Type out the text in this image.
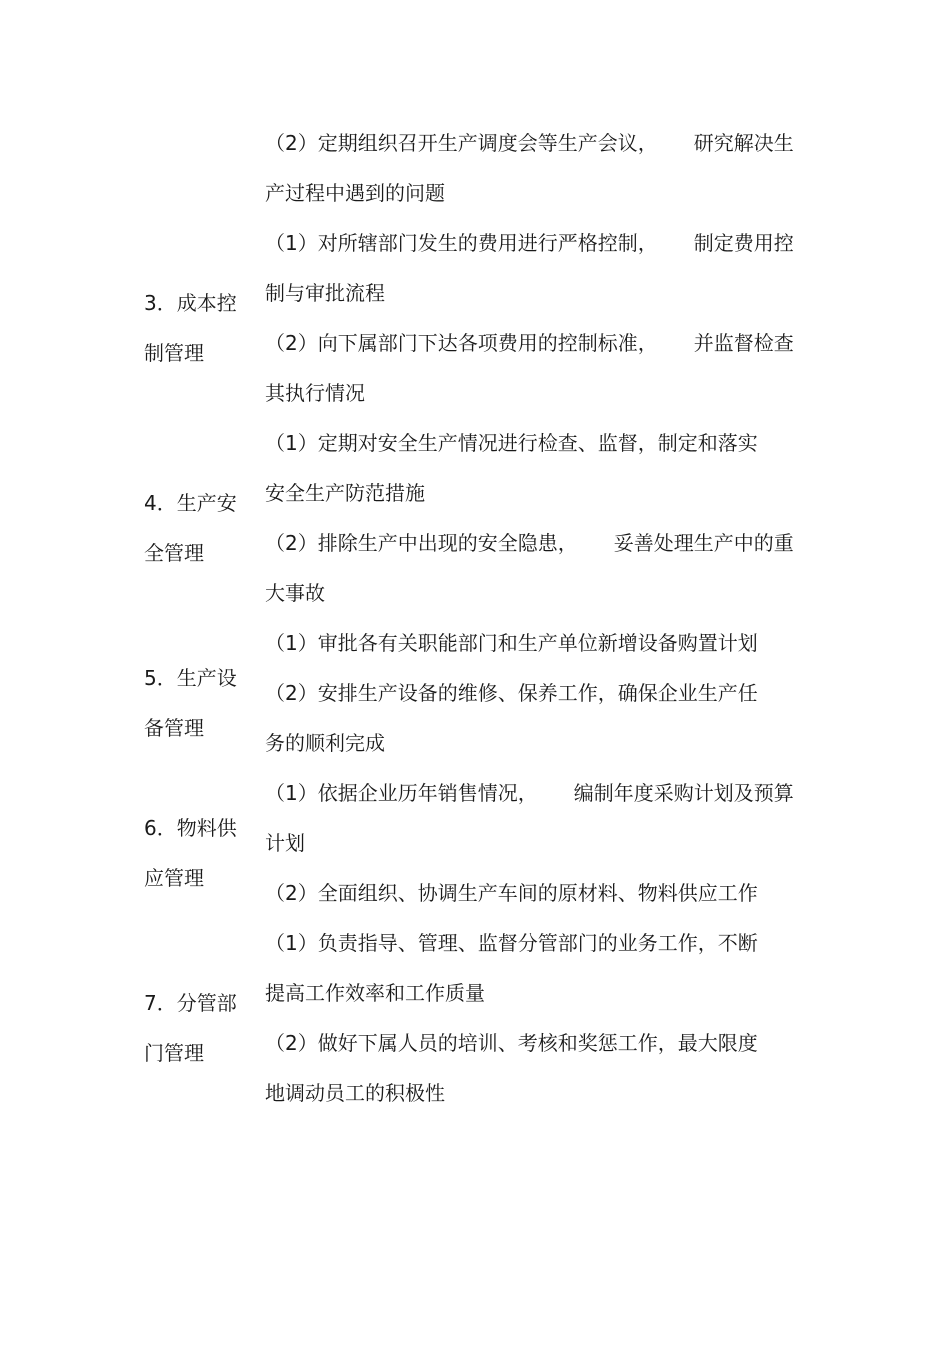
（2）定期组织召开生产调度会等生产会议， 研究解决生
产过程中遇到的问题
（1）对所辖部门发生的费用进行严格控制， 制定费用控
制与审批流程
（2）向下属部门下达各项费用的控制标准， 并监督检查
其执行情况
3．成本控
制管理
（1）定期对安全生产情况进行检查、监督，制定和落实
安全生产防范措施
（2）排除生产中出现的安全隐患， 妥善处理生产中的重
大事故
4．生产安
全管理
（1）审批各有关职能部门和生产单位新增设备购置计划
（2）安排生产设备的维修、保养工作，确保企业生产任
务的顺利完成
5．生产设
备管理
（1）依据企业历年销售情况， 编制年度采购计划及预算
计划
（2）全面组织、协调生产车间的原材料、物料供应工作
6．物料供
应管理
（1）负责指导、管理、监督分管部门的业务工作，不断
提高工作效率和工作质量
（2）做好下属人员的培训、考核和奖惩工作，最大限度
地调动员工的积极性
7．分管部
门管理
